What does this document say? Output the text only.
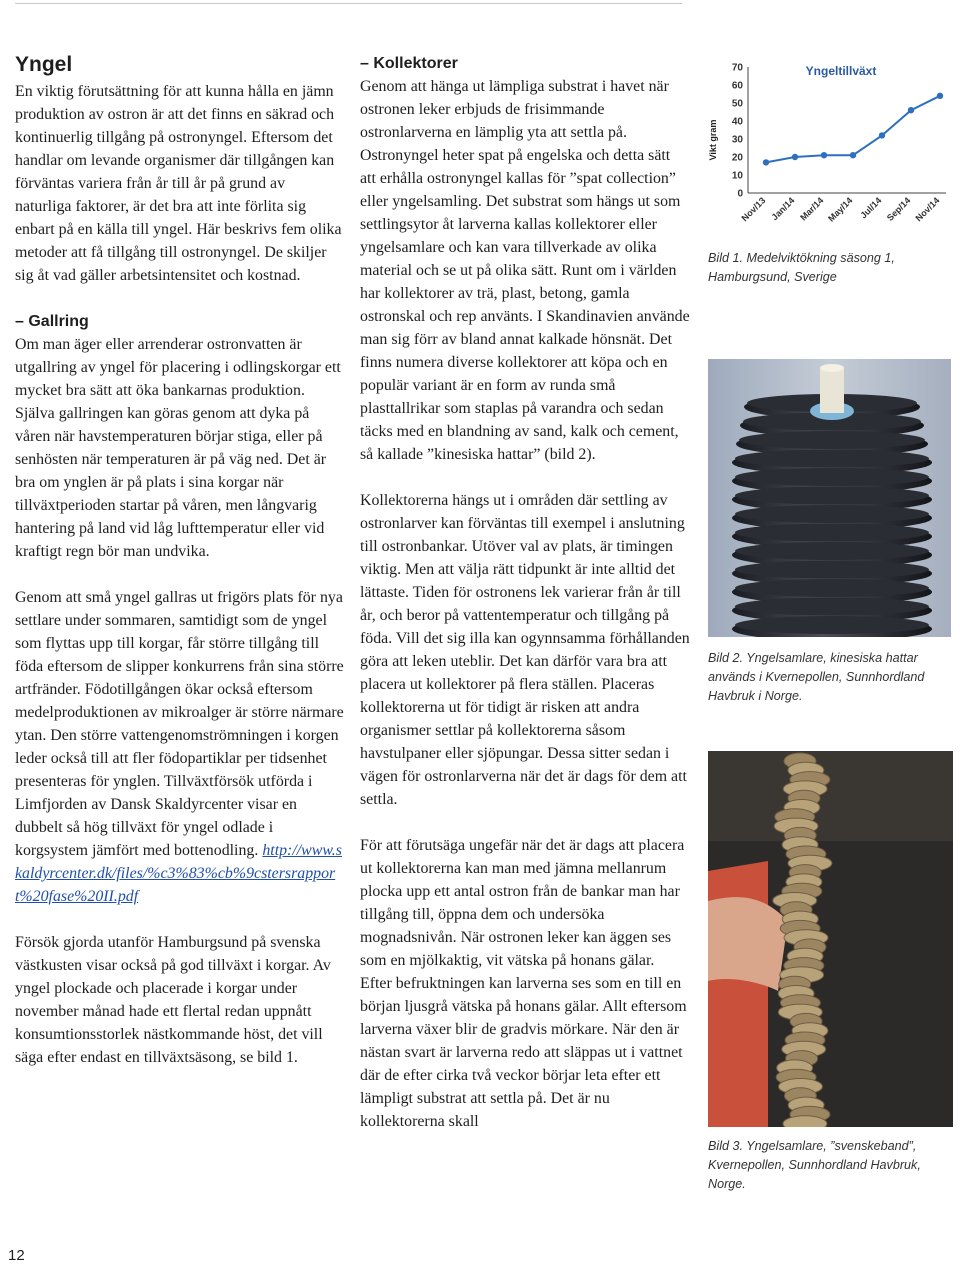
Yngel

En viktig förutsättning för att kunna hålla en jämn produktion av ostron är att det finns en säkrad och kontinuerlig tillgång på ostronyngel. Eftersom det handlar om levande organismer där tillgången kan förväntas variera från år till år på grund av naturliga faktorer, är det bra att inte förlita sig enbart på en källa till yngel. Här beskrivs fem olika metoder att få tillgång till ostronyngel. De skiljer sig åt vad gäller arbetsintensitet och kostnad.

– Gallring

Om man äger eller arrenderar ostronvatten är utgallring av yngel för placering i odlingskorgar ett mycket bra sätt att öka bankarnas produktion. Själva gallringen kan göras genom att dyka på våren när havstemperaturen börjar stiga, eller på senhösten när temperaturen är på väg ned. Det är bra om ynglen är på plats i sina korgar när tillväxtperioden startar på våren, men långvarig hantering på land vid låg lufttemperatur eller vid kraftigt regn bör man undvika.

Genom att små yngel gallras ut frigörs plats för nya settlare under sommaren, samtidigt som de yngel som flyttas upp till korgar, får större tillgång till föda eftersom de slipper konkurrens från sina större artfränder. Födotillgången ökar också eftersom medelproduktionen av mikroalger är större närmare ytan. Den större vattengenomströmningen i korgen leder också till att fler födopartiklar per tidsenhet presenteras för ynglen. Tillväxtförsök utförda i Limfjorden av Dansk Skaldyrcenter visar en dubbelt så hög tillväxt för yngel odlade i korgsystem jämfört med bottenodling. http://www.skaldyrcenter.dk/files/%c3%83%cb%9cstersrapport%20fase%20II.pdf

Försök gjorda utanför Hamburgsund på svenska västkusten visar också på god tillväxt i korgar. Av yngel plockade och placerade i korgar under november månad hade ett flertal redan uppnått konsumtionsstorlek nästkommande höst, det vill säga efter endast en tillväxtsäsong, se bild 1.

– Kollektorer

Genom att hänga ut lämpliga substrat i havet när ostronen leker erbjuds de frisimmande ostronlarverna en lämplig yta att settla på. Ostronyngel heter spat på engelska och detta sätt att erhålla ostronyngel kallas för ”spat collection” eller yngelsamling. Det substrat som hängs ut som settlingsytor åt larverna kallas kollektorer eller yngelsamlare och kan vara tillverkade av olika material och se ut på olika sätt. Runt om i världen har kollektorer av trä, plast, betong, gamla ostronskal och rep använts. I Skandinavien använde man sig förr av bland annat kalkade hönsnät. Det finns numera diverse kollektorer att köpa och en populär variant är en form av runda små plasttallrikar som staplas på varandra och sedan täcks med en blandning av sand, kalk och cement, så kallade ”kinesiska hattar” (bild 2).

Kollektorerna hängs ut i områden där settling av ostronlarver kan förväntas till exempel i anslutning till ostronbankar. Utöver val av plats, är timingen viktig. Men att välja rätt tidpunkt är inte alltid det lättaste. Tiden för ostronens lek varierar från år till år, och beror på vattentemperatur och tillgång på föda. Vill det sig illa kan ogynnsamma förhållanden göra att leken uteblir. Det kan därför vara bra att placera ut kollektorer på flera ställen. Placeras kollektorerna ut för tidigt är risken att andra organismer settlar på kollektorerna såsom havstulpaner eller sjöpungar. Dessa sitter sedan i vägen för ostronlarverna när det är dags för dem att settla.

För att förutsäga ungefär när det är dags att placera ut kollektorerna kan man med jämna mellanrum plocka upp ett antal ostron från de bankar man har tillgång till, öppna dem och undersöka mognadsnivån. När ostronen leker kan äggen ses som en mjölkaktig, vit vätska på honans gälar. Efter befruktningen kan larverna ses som en till en början ljusgrå vätska på honans gälar. Allt eftersom larverna växer blir de gradvis mörkare. När den är nästan svart är larverna redo att släppas ut i vattnet där de efter cirka två veckor börjar leta efter ett lämpligt substrat att settla på. Det är nu kollektorerna skall

12
Yngeltillväxt
Vikt gram
0
10
20
30
40
50
60
70
Nov/13 Jan/14 Mar/14 May/14 Jul/14 Sep/14 Nov/14
Bild 1. Medelviktökning säsong 1, Hamburgsund, Sverige
Bild 2. Yngelsamlare, kinesiska hattar används i Kvernepollen, Sunnhordland Havbruk i Norge.
Bild 3. Yngelsamlare, ”svenskeband”, Kvernepollen, Sunnhordland Havbruk, Norge.
